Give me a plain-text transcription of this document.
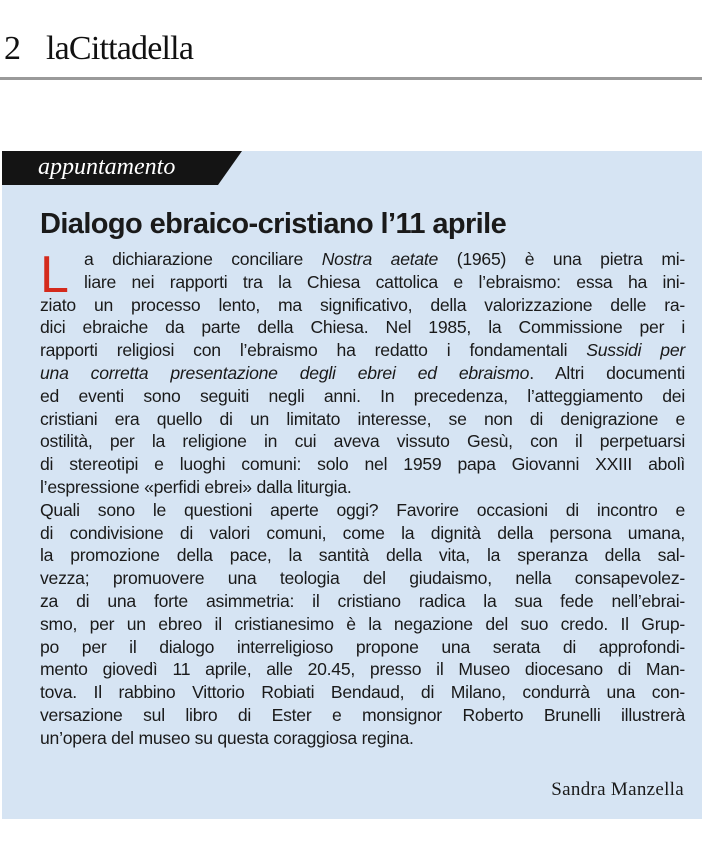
2 laCittadella
appuntamento
Dialogo ebraico-cristiano l’11 aprile
L a dichiarazione conciliare Nostra aetate (1965) è una pietra mi-
liare nei rapporti tra la Chiesa cattolica e l’ebraismo: essa ha ini-
ziato un processo lento, ma significativo, della valorizzazione delle ra-
dici ebraiche da parte della Chiesa. Nel 1985, la Commissione per i
rapporti religiosi con l’ebraismo ha redatto i fondamentali Sussidi per
una corretta presentazione degli ebrei ed ebraismo. Altri documenti
ed eventi sono seguiti negli anni. In precedenza, l’atteggiamento dei
cristiani era quello di un limitato interesse, se non di denigrazione e
ostilità, per la religione in cui aveva vissuto Gesù, con il perpetuarsi
di stereotipi e luoghi comuni: solo nel 1959 papa Giovanni XXIII abolì
l’espressione «perfidi ebrei» dalla liturgia.
Quali sono le questioni aperte oggi? Favorire occasioni di incontro e
di condivisione di valori comuni, come la dignità della persona umana,
la promozione della pace, la santità della vita, la speranza della sal-
vezza; promuovere una teologia del giudaismo, nella consapevolez-
za di una forte asimmetria: il cristiano radica la sua fede nell’ebrai-
smo, per un ebreo il cristianesimo è la negazione del suo credo. Il Grup-
po per il dialogo interreligioso propone una serata di approfondi-
mento giovedì 11 aprile, alle 20.45, presso il Museo diocesano di Man-
tova. Il rabbino Vittorio Robiati Bendaud, di Milano, condurrà una con-
versazione sul libro di Ester e monsignor Roberto Brunelli illustrerà
un’opera del museo su questa coraggiosa regina.
Sandra Manzella
